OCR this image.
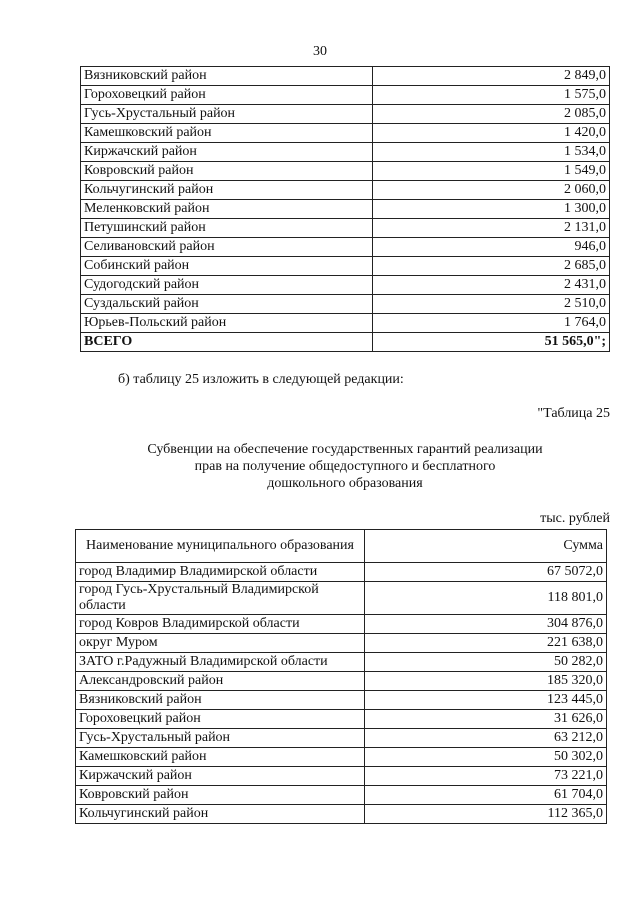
30
Вязниковский район	2 849,0
Гороховецкий район	1 575,0
Гусь-Хрустальный район	2 085,0
Камешковский район	1 420,0
Киржачский район	1 534,0
Ковровский район	1 549,0
Кольчугинский район	2 060,0
Меленковский район	1 300,0
Петушинский район	2 131,0
Селивановский район	946,0
Собинский район	2 685,0
Судогодский район	2 431,0
Суздальский район	2 510,0
Юрьев-Польский район	1 764,0
ВСЕГО	51 565,0";
б) таблицу 25 изложить в следующей редакции:
"Таблица 25
Субвенции на обеспечение государственных гарантий реализации
прав на получение общедоступного и бесплатного
дошкольного образования
тыс. рублей
Наименование муниципального образования	Сумма
город Владимир Владимирской области	67 5072,0
город Гусь-Хрустальный Владимирской области	118 801,0
город Ковров Владимирской области	304 876,0
округ Муром	221 638,0
ЗАТО г.Радужный Владимирской области	50 282,0
Александровский район	185 320,0
Вязниковский район	123 445,0
Гороховецкий район	31 626,0
Гусь-Хрустальный район	63 212,0
Камешковский район	50 302,0
Киржачский район	73 221,0
Ковровский район	61 704,0
Кольчугинский район	112 365,0
